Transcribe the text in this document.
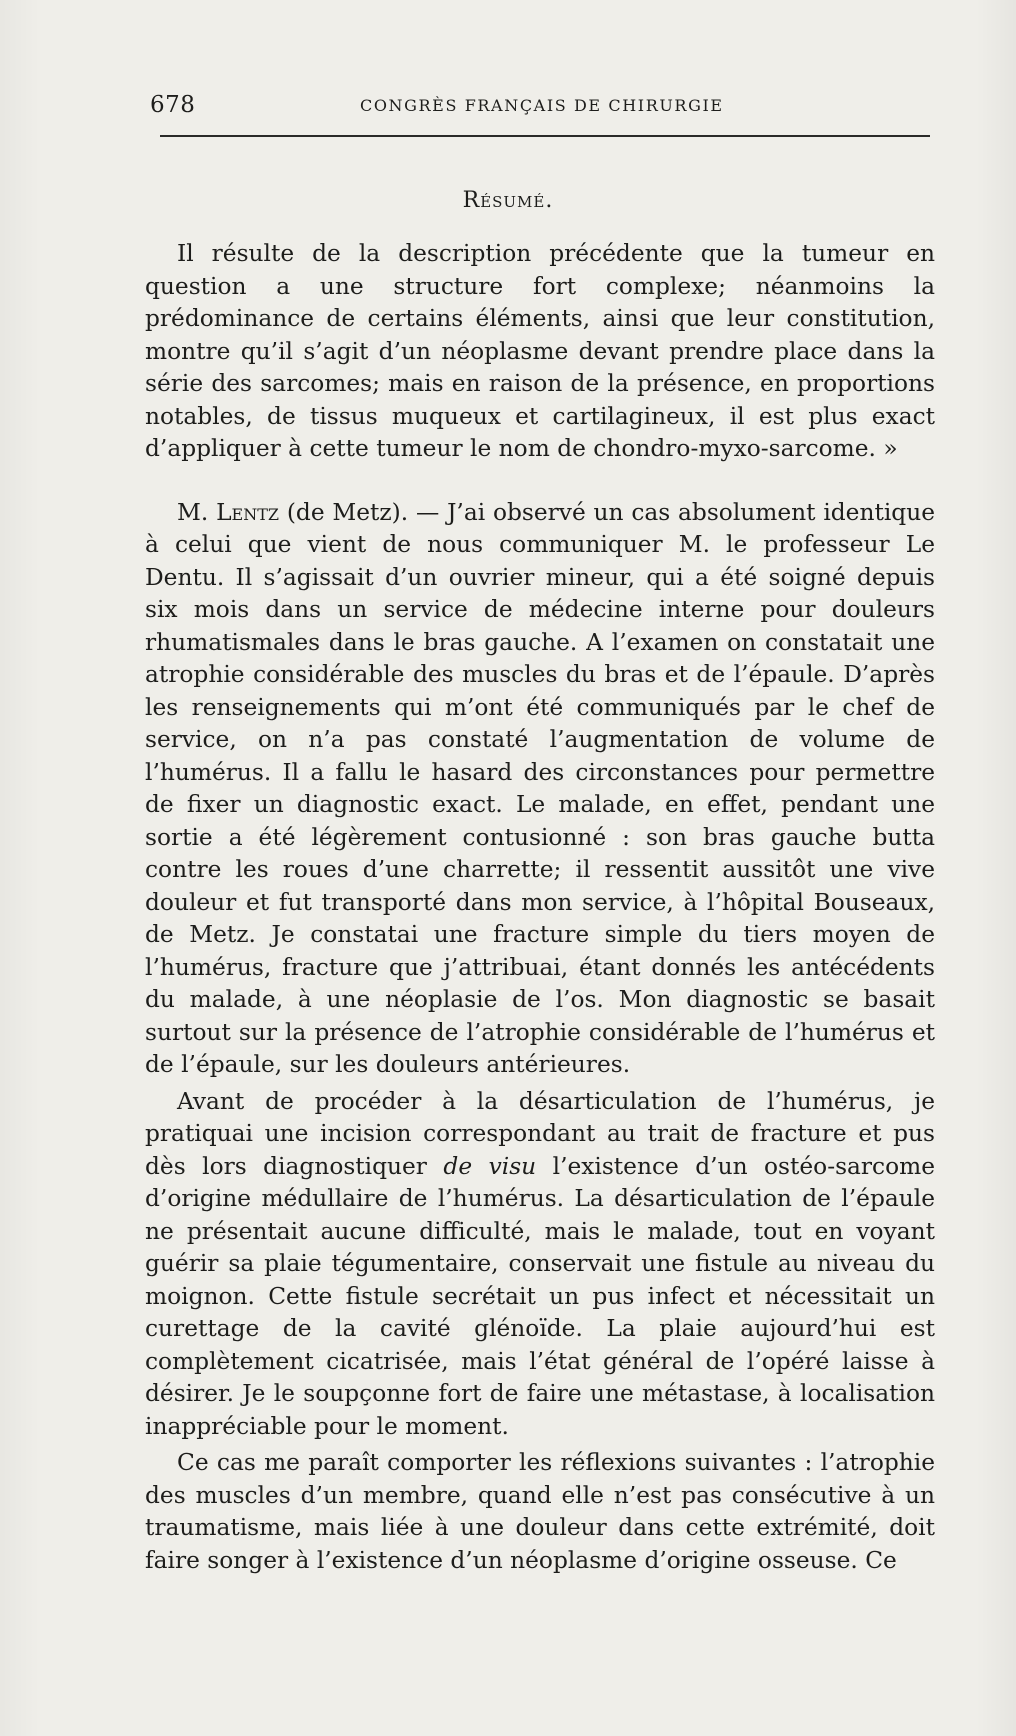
678	CONGRÈS FRANÇAIS DE CHIRURGIE
Résumé.

Il résulte de la description précédente que la tumeur en question a une structure fort complexe; néanmoins la prédominance de certains éléments, ainsi que leur constitution, montre qu’il s’agit d’un néoplasme devant prendre place dans la série des sarcomes; mais en raison de la présence, en proportions notables, de tissus muqueux et cartilagineux, il est plus exact d’appliquer à cette tumeur le nom de chondro-myxo-sarcome. »

M. Lentz (de Metz). — J’ai observé un cas absolument identique à celui que vient de nous communiquer M. le professeur Le Dentu. Il s’agissait d’un ouvrier mineur, qui a été soigné depuis six mois dans un service de médecine interne pour douleurs rhumatismales dans le bras gauche. A l’examen on constatait une atrophie considérable des muscles du bras et de l’épaule. D’après les renseignements qui m’ont été communiqués par le chef de service, on n’a pas constaté l’augmentation de volume de l’humérus. Il a fallu le hasard des circonstances pour permettre de fixer un diagnostic exact. Le malade, en effet, pendant une sortie a été légèrement contusionné : son bras gauche butta contre les roues d’une charrette; il ressentit aussitôt une vive douleur et fut transporté dans mon service, à l’hôpital Bouseaux, de Metz. Je constatai une fracture simple du tiers moyen de l’humérus, fracture que j’attribuai, étant donnés les antécédents du malade, à une néoplasie de l’os. Mon diagnostic se basait surtout sur la présence de l’atrophie considérable de l’humérus et de l’épaule, sur les douleurs antérieures.

Avant de procéder à la désarticulation de l’humérus, je pratiquai une incision correspondant au trait de fracture et pus dès lors diagnostiquer de visu l’existence d’un ostéo-sarcome d’origine médullaire de l’humérus. La désarticulation de l’épaule ne présentait aucune difficulté, mais le malade, tout en voyant guérir sa plaie tégumentaire, conservait une fistule au niveau du moignon. Cette fistule secrétait un pus infect et nécessitait un curettage de la cavité glénoïde. La plaie aujourd’hui est complètement cicatrisée, mais l’état général de l’opéré laisse à désirer. Je le soupçonne fort de faire une métastase, à localisation inappréciable pour le moment.

Ce cas me paraît comporter les réflexions suivantes : l’atrophie des muscles d’un membre, quand elle n’est pas consécutive à un traumatisme, mais liée à une douleur dans cette extrémité, doit faire songer à l’existence d’un néoplasme d’origine osseuse. Ce
